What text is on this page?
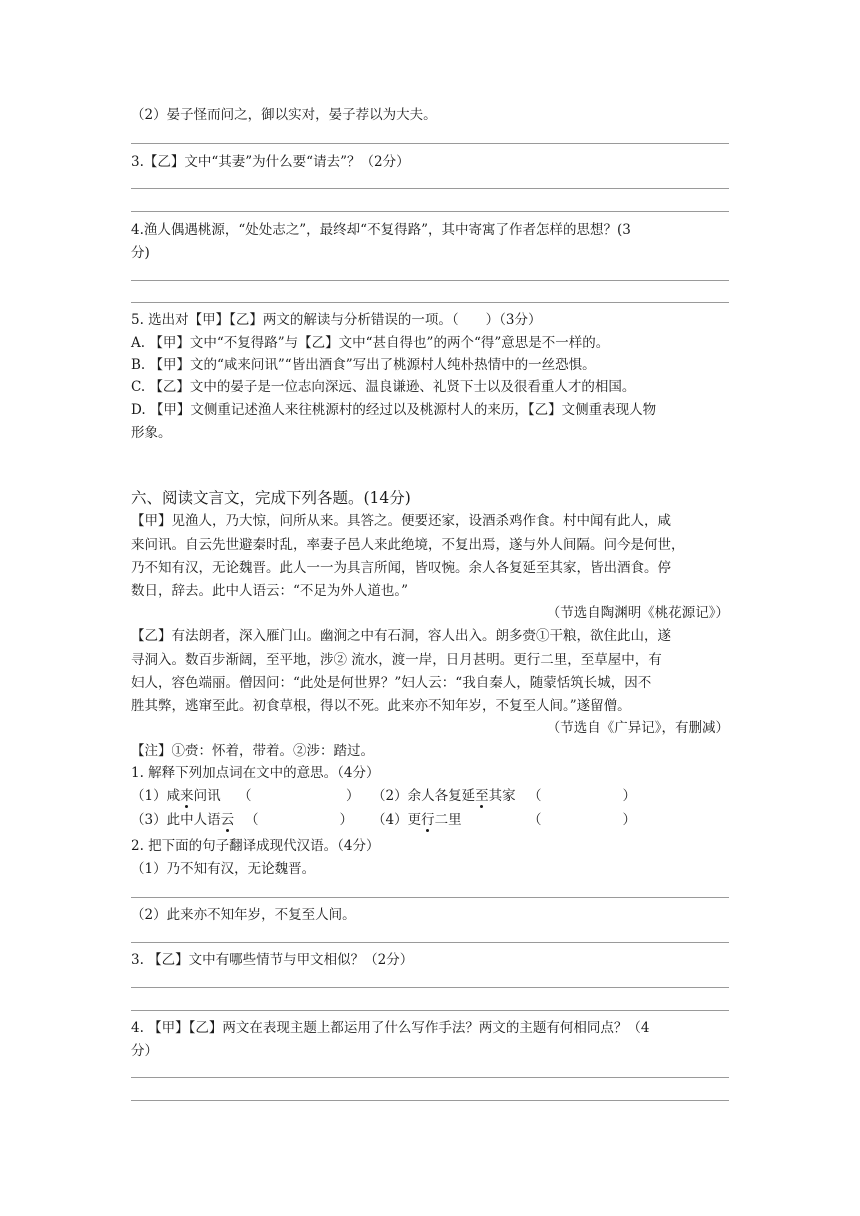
（2）晏子怪而问之，御以实对，晏子荐以为大夫。
3.【乙】文中“其妻”为什么要“请去”？（2分）
4.渔人偶遇桃源，“处处志之”，最终却“不复得路”，其中寄寓了作者怎样的思想？(3
分)
5. 选出对【甲】【乙】两文的解读与分析错误的一项。（　　）（3分）
A. 【甲】文中“不复得路”与【乙】文中“甚自得也”的两个“得”意思是不一样的。
B. 【甲】文的“咸来问讯”“皆出酒食”写出了桃源村人纯朴热情中的一丝恐惧。
C. 【乙】文中的晏子是一位志向深远、温良谦逊、礼贤下士以及很看重人才的相国。
D. 【甲】文侧重记述渔人来往桃源村的经过以及桃源村人的来历，【乙】文侧重表现人物
形象。
六、阅读文言文，完成下列各题。(14分)
【甲】见渔人，乃大惊，问所从来。具答之。便要还家，设酒杀鸡作食。村中闻有此人，咸
来问讯。自云先世避秦时乱，率妻子邑人来此绝境，不复出焉，遂与外人间隔。问今是何世，
乃不知有汉，无论魏晋。此人一一为具言所闻，皆叹惋。余人各复延至其家，皆出酒食。停
数日，辞去。此中人语云：“不足为外人道也。”
（节选自陶渊明《桃花源记》）
【乙】有法朗者，深入雁门山。幽涧之中有石洞，容人出入。朗多赍①干粮，欲住此山，遂
寻洞入。数百步渐阔，至平地，涉② 流水，渡一岸，日月甚明。更行二里，至草屋中，有
妇人，容色端丽。僧因问：“此处是何世界？”妇人云：“我自秦人，随蒙恬筑长城，因不
胜其弊，逃窜至此。初食草根，得以不死。此来亦不知年岁，不复至人间。”遂留僧。
（节选自《广异记》，有删减）
【注】①赍：怀着，带着。②涉：踏过。
1. 解释下列加点词在文中的意思。（4分）
（1）咸来问讯 （　　　　　　　） （2）余人各复延至其家 （　　　　　　）
（3）此中人语云 （　　　　　　） （4）更行二里	（　　　　　　）
2. 把下面的句子翻译成现代汉语。（4分）
（1）乃不知有汉，无论魏晋。
（2）此来亦不知年岁，不复至人间。
3. 【乙】文中有哪些情节与甲文相似？（2分）
4. 【甲】【乙】两文在表现主题上都运用了什么写作手法？两文的主题有何相同点？（4
分）
